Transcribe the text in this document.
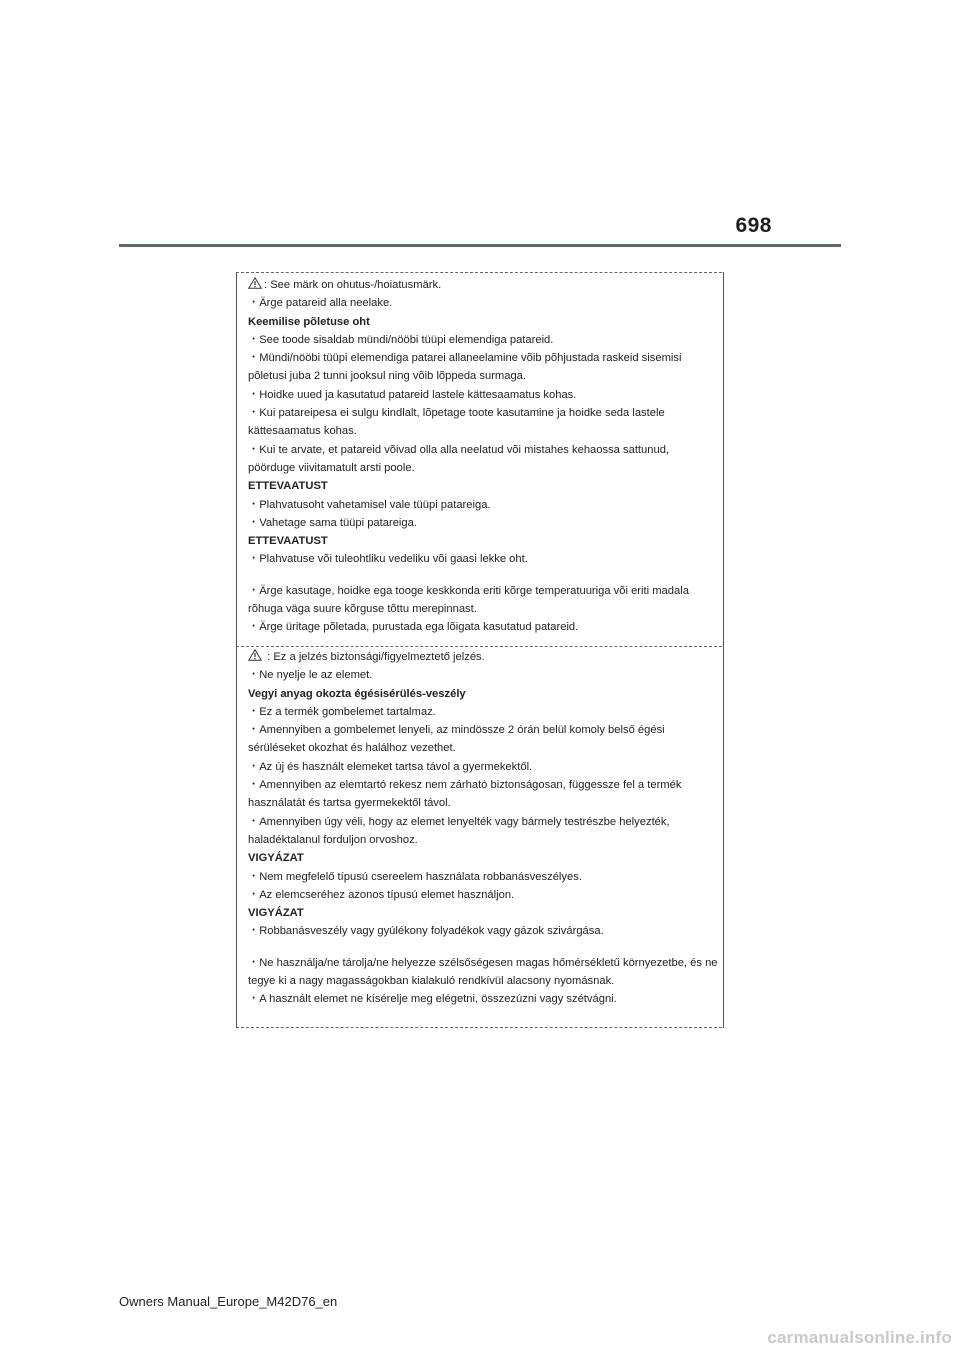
698

: See märk on ohutus-/hoiatusmärk.

・Ärge patareid alla neelake.

Keemilise põletuse oht

・See toode sisaldab mündi/nööbi tüüpi elemendiga patareid.

・Mündi/nööbi tüüpi elemendiga patarei allaneelamine võib põhjustada raskeid sisemisi põletusi juba 2 tunni jooksul ning võib lõppeda surmaga.

・Hoidke uued ja kasutatud patareid lastele kättesaamatus kohas.

・Kui patareipesa ei sulgu kindlalt, lõpetage toote kasutamine ja hoidke seda lastele kättesaamatus kohas.

・Kui te arvate, et patareid võivad olla alla neelatud või mistahes kehaossa sattunud, pöörduge viivitamatult arsti poole.

ETTEVAATUST

・Plahvatusoht vahetamisel vale tüüpi patareiga.

・Vahetage sama tüüpi patareiga.

ETTEVAATUST

・Plahvatuse või tuleohtliku vedeliku või gaasi lekke oht.

・Ärge kasutage, hoidke ega tooge keskkonda eriti kõrge temperatuuriga või eriti madala rõhuga väga suure kõrguse tõttu merepinnast.

・Ärge üritage põletada, purustada ega lõigata kasutatud patareid.

: Ez a jelzés biztonsági/figyelmeztető jelzés.

・Ne nyelje le az elemet.

Vegyi anyag okozta égésisérülés-veszély

・Ez a termék gombelemet tartalmaz.

・Amennyiben a gombelemet lenyeli, az mindössze 2 órán belül komoly belső égési sérüléseket okozhat és halálhoz vezethet.

・Az új és használt elemeket tartsa távol a gyermekektől.

・Amennyiben az elemtartó rekesz nem zárható biztonságosan, függessze fel a termék használatát és tartsa gyermekektől távol.

・Amennyiben úgy véli, hogy az elemet lenyelték vagy bármely testrészbe helyezték, haladéktalanul forduljon orvoshoz.

VIGYÁZAT

・Nem megfelelő típusú csereelem használata robbanásveszélyes.

・Az elemcseréhez azonos típusú elemet használjon.

VIGYÁZAT

・Robbanásveszély vagy gyúlékony folyadékok vagy gázok szivárgása.

・Ne használja/ne tárolja/ne helyezze szélsőségesen magas hőmérsékletű környezetbe, és ne tegye ki a nagy magasságokban kialakuló rendkívül alacsony nyomásnak.

・A használt elemet ne kísérelje meg elégetni, összezúzni vagy szétvágni.

Owners Manual_Europe_M42D76_en
carmanualsonline.info
